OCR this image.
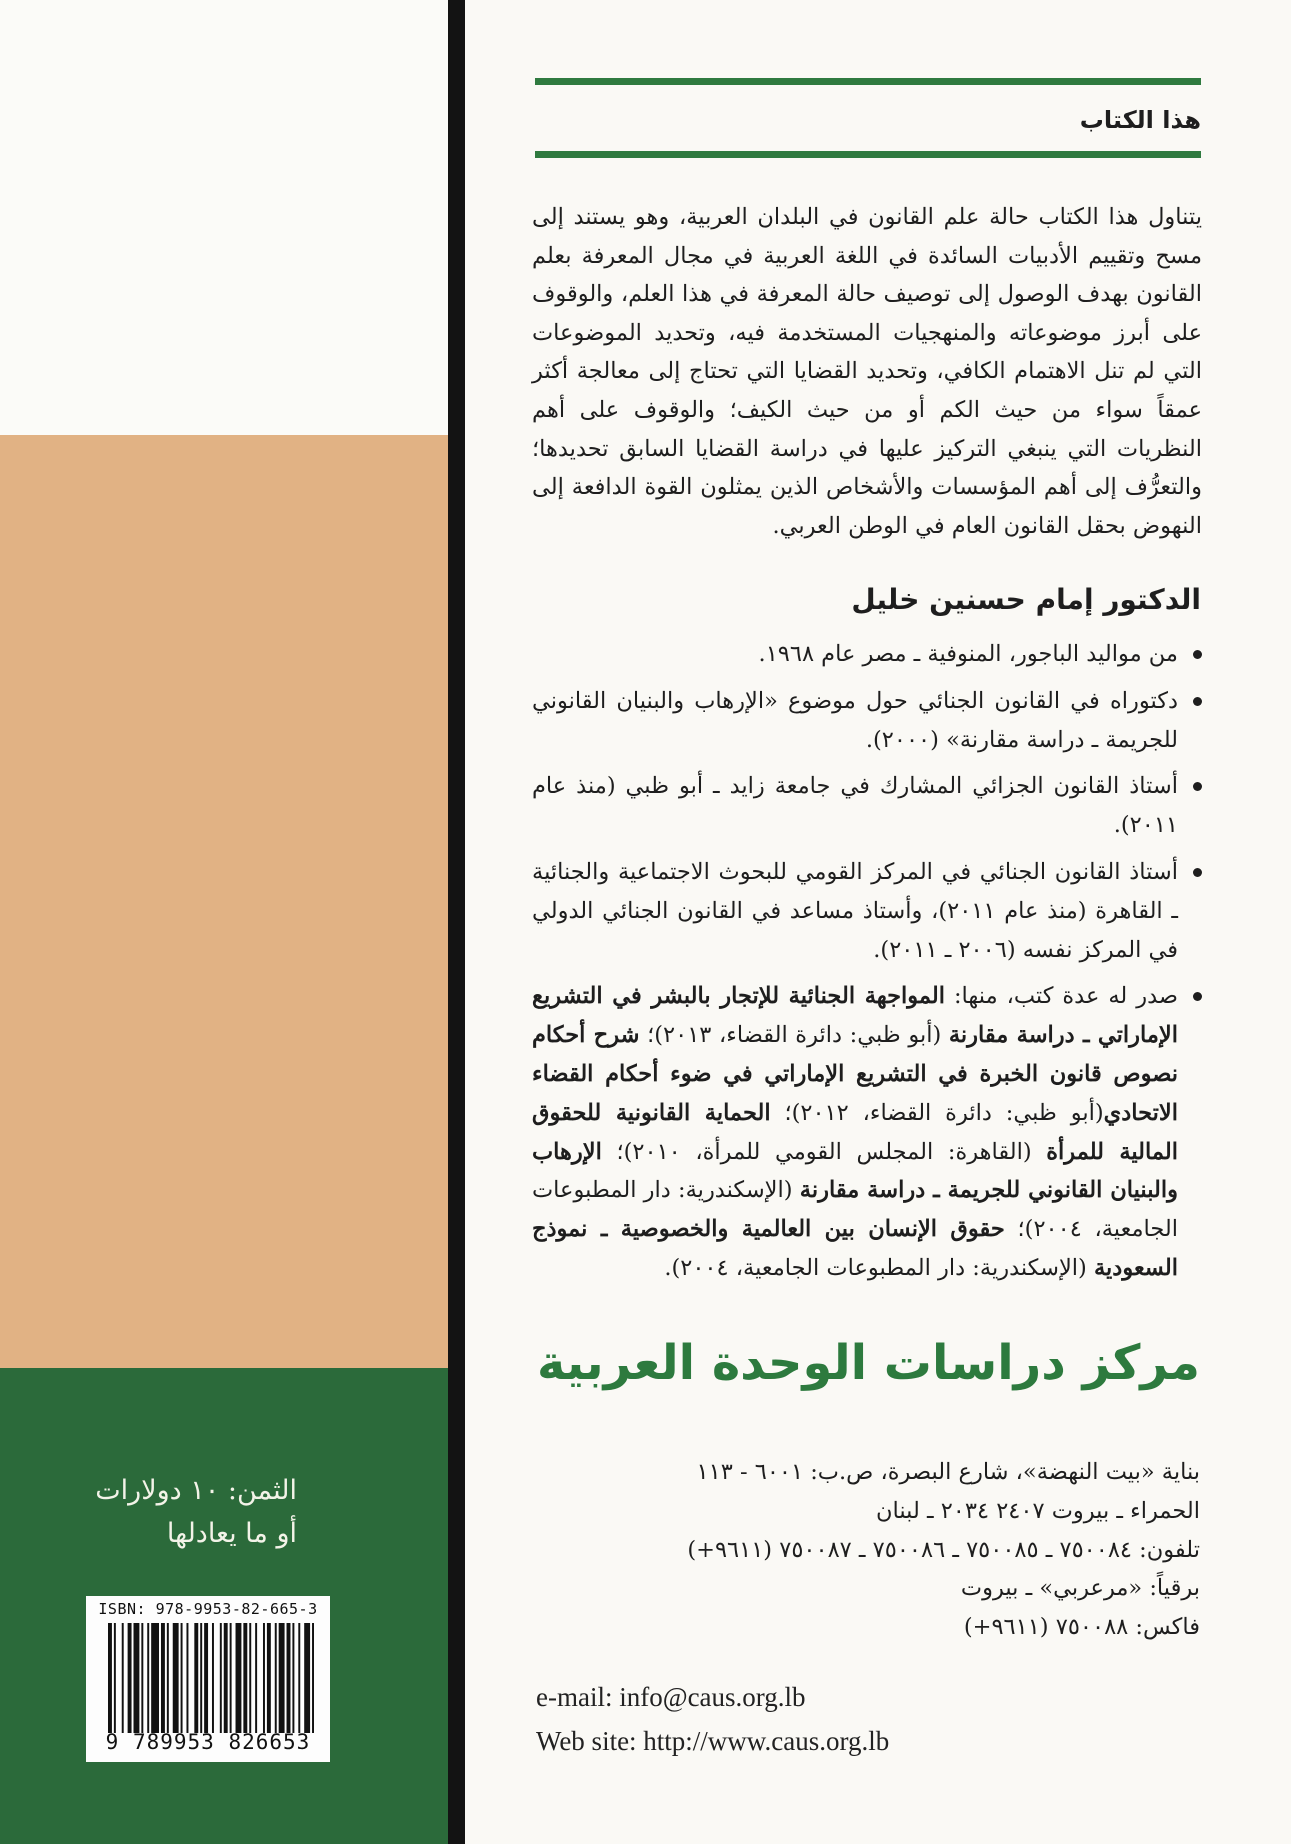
الثمن: ١٠ دولارات
أو ما يعادلها
ISBN: 978-9953-82-665-3
9 789953 826653
هذا الكتاب
يتناول هذا الكتاب حالة علم القانون في البلدان العربية، وهو يستند إلى مسح وتقييم الأدبيات السائدة في اللغة العربية في مجال المعرفة بعلم القانون بهدف الوصول إلى توصيف حالة المعرفة في هذا العلم، والوقوف على أبرز موضوعاته والمنهجيات المستخدمة فيه، وتحديد الموضوعات التي لم تنل الاهتمام الكافي، وتحديد القضايا التي تحتاج إلى معالجة أكثر عمقاً سواء من حيث الكم أو من حيث الكيف؛ والوقوف على أهم النظريات التي ينبغي التركيز عليها في دراسة القضايا السابق تحديدها؛ والتعرُّف إلى أهم المؤسسات والأشخاص الذين يمثلون القوة الدافعة إلى النهوض بحقل القانون العام في الوطن العربي.
الدكتور إمام حسنين خليل
من مواليد الباجور، المنوفية ـ مصر عام ١٩٦٨.
دكتوراه في القانون الجنائي حول موضوع «الإرهاب والبنيان القانوني للجريمة ـ دراسة مقارنة» (٢٠٠٠).
أستاذ القانون الجزائي المشارك في جامعة زايد ـ أبو ظبي (منذ عام ٢٠١١).
أستاذ القانون الجنائي في المركز القومي للبحوث الاجتماعية والجنائية ـ القاهرة (منذ عام ٢٠١١)، وأستاذ مساعد في القانون الجنائي الدولي في المركز نفسه (٢٠٠٦ ـ ٢٠١١).
صدر له عدة كتب، منها: المواجهة الجنائية للإتجار بالبشر في التشريع الإماراتي ـ دراسة مقارنة (أبو ظبي: دائرة القضاء، ٢٠١٣)؛ شرح أحكام نصوص قانون الخبرة في التشريع الإماراتي في ضوء أحكام القضاء الاتحادي(أبو ظبي: دائرة القضاء، ٢٠١٢)؛ الحماية القانونية للحقوق المالية للمرأة (القاهرة: المجلس القومي للمرأة، ٢٠١٠)؛ الإرهاب والبنيان القانوني للجريمة ـ دراسة مقارنة (الإسكندرية: دار المطبوعات الجامعية، ٢٠٠٤)؛ حقوق الإنسان بين العالمية والخصوصية ـ نموذج السعودية (الإسكندرية: دار المطبوعات الجامعية، ٢٠٠٤).
مركز دراسات الوحدة العربية
بناية «بيت النهضة»، شارع البصرة، ص.ب: ٦٠٠١ - ١١٣
الحمراء ـ بيروت ٢٤٠٧ ٢٠٣٤ ـ لبنان
تلفون: ٧٥٠٠٨٤ ـ ٧٥٠٠٨٥ ـ ٧٥٠٠٨٦ ـ ٧٥٠٠٨٧ (٩٦١١+)
برقياً: «مرعربي» ـ بيروت
فاكس: ٧٥٠٠٨٨ (٩٦١١+)
e-mail: info@caus.org.lb
Web site: http://www.caus.org.lb
